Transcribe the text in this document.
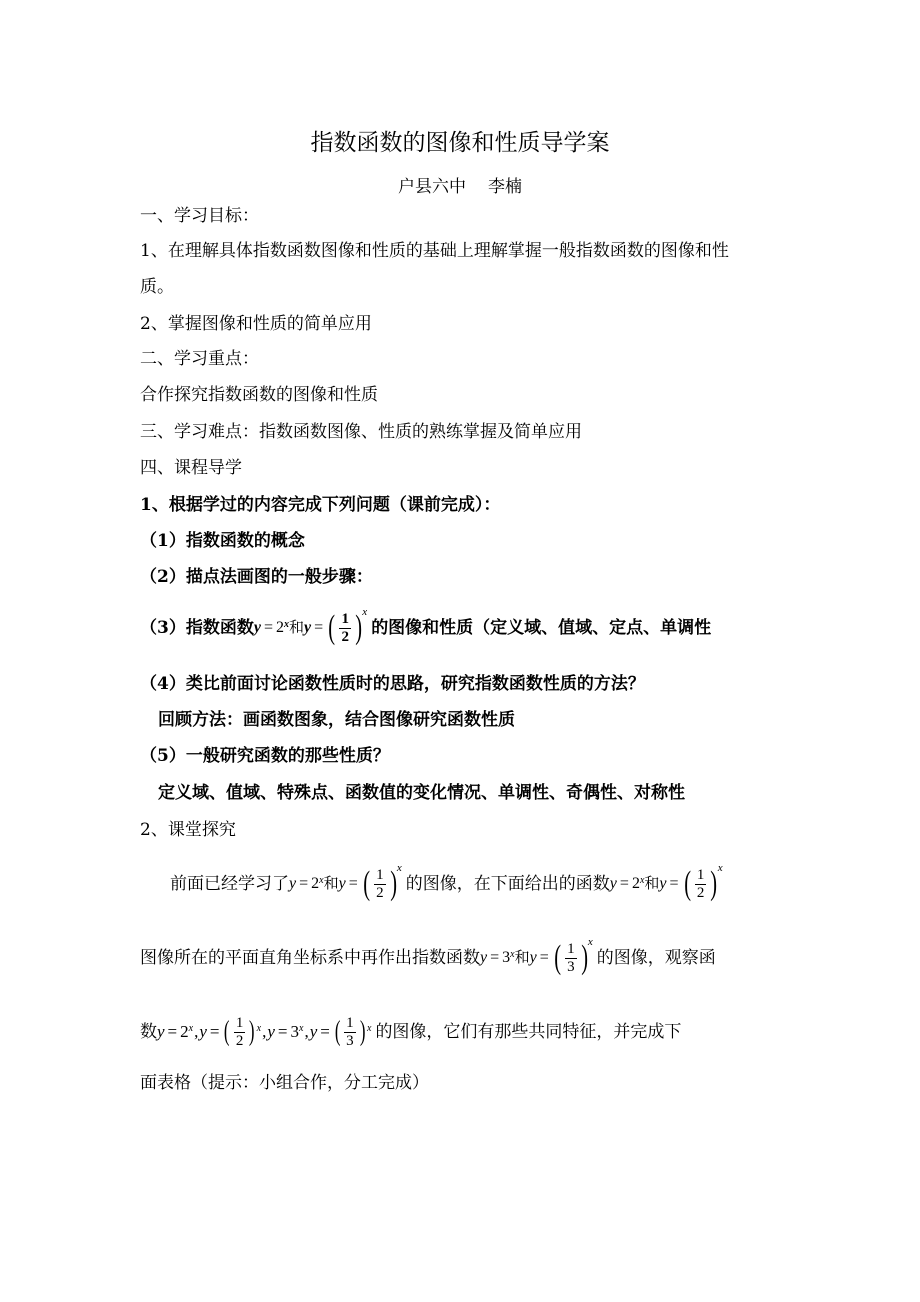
指数函数的图像和性质导学案
户县六中 李楠
一、学习目标：
1、在理解具体指数函数图像和性质的基础上理解掌握一般指数函数的图像和性
质。
2、掌握图像和性质的简单应用
二、学习重点：
合作探究指数函数的图像和性质
三、学习难点：指数函数图像、性质的熟练掌握及简单应用
四、课程导学
1、根据学过的内容完成下列问题（课前完成）：
（1）指数函数的概念
（2）描点法画图的一般步骤：
（3）指数函数 $y = 2^x$ 和 y = ( $\frac{1}{2}$ ) x
的图像和性质（定义域、值域、定点、单调性
（4）类比前面讨论函数性质时的思路，研究指数函数性质的方法？
回顾方法：画函数图象，结合图像研究函数性质
（5）一般研究函数的那些性质？
定义域、值域、特殊点、函数值的变化情况、单调性、奇偶性、对称性
2、课堂探究
前面已经学习了 $y = 2^x$ 和 y = ( $\frac{1}{2}$ ) x
的图像，在下面给出的函数 $y = 2^x$ 和 y = ( $\frac{1}{2}$ ) x
图像所在的平面直角坐标系中再作出指数函数 $y = 3^x$ 和 y = ( $\frac{1}{3}$ ) x
的图像，观察函
数 $y = 2^x$ , y = ( $\frac{1}{2} )^x$ , $y = 3^x$ , y = ( $\frac{1}{3} )^x$ 的图像，它们有那些共同特征，并完成下
面表格（提示：小组合作，分工完成）
